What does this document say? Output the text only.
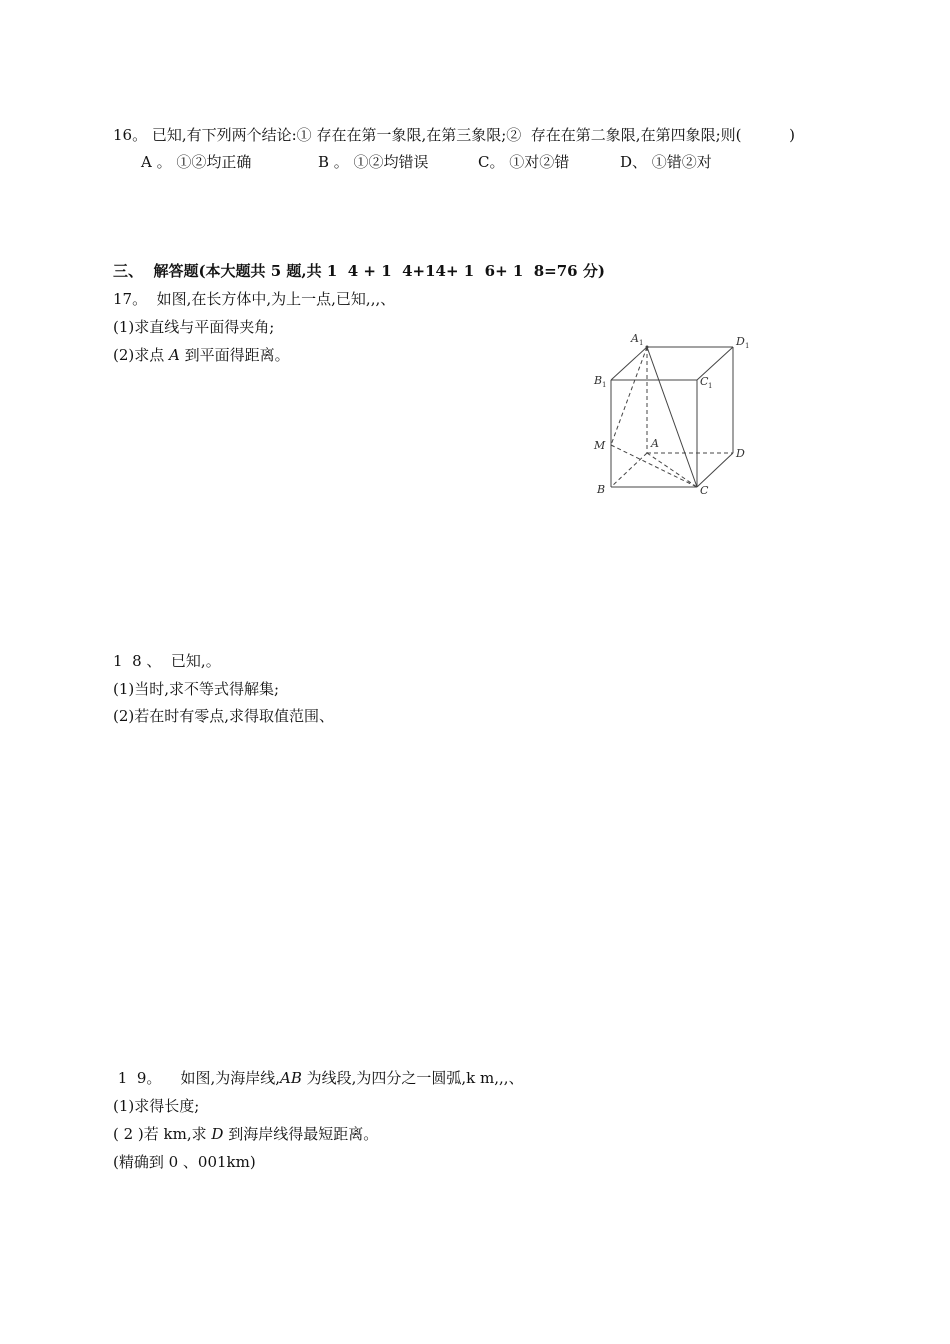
16。 已知,有下列两个结论:① 存在在第一象限,在第三象限;②  存在在第二象限,在第四象限;则(          )
A 。 ①②均正确	B 。 ①②均错误	C。 ①对②错	D、 ①错②对
三、  解答题(本大题共 5 题,共 1  4 + 1  4+14+ 1  6+ 1  8=76 分)
17。  如图,在长方体中,为上一点,已知,,,、
(1)求直线与平面得夹角;
(2)求点 A 到平面得距离。
A 1	D 1
B 1	C 1
M	A
D
B	C
1  8 、  已知,。
(1)当时,求不等式得解集;
(2)若在时有零点,求得取值范围、
1  9。    如图,为海岸线,AB 为线段,为四分之一圆弧,k m,,,、
(1)求得长度;
( 2 )若 km,求 D 到海岸线得最短距离。
(精确到 0 、001km)
